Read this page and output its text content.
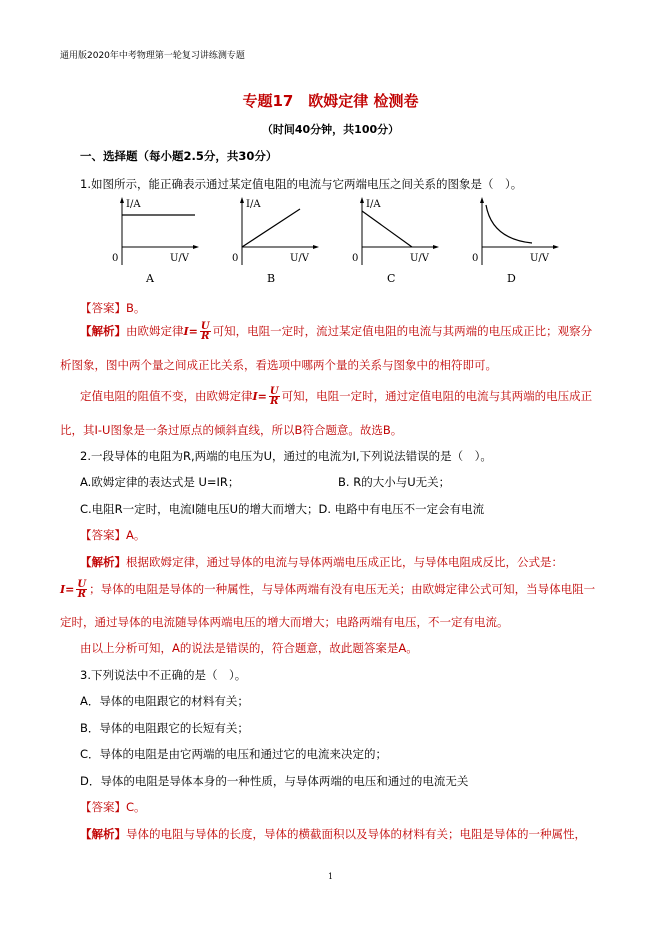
通用版2020年中考物理第一轮复习讲练测专题
专题17　欧姆定律 检测卷
（时间40分钟，共100分）
一、选择题（每小题2.5分，共30分）
1.如图所示，能正确表示通过某定值电阻的电流与它两端电压之间关系的图象是（　）。
I/A
0	U/V
I/A
0	U/V
I/A
0	U/V	0	U/V
A	B	C	D
【答案】B。
【解析】由欧姆定律$I= \frac{U}{R}$ 可知，电阻一定时，流过某定值电阻的电流与其两端的电压成正比；观察分
析图象，图中两个量之间成正比关系，看选项中哪两个量的关系与图象中的相符即可。
定值电阻的阻值不变，由欧姆定律$I= \frac{U}{R}$ 可知，电阻一定时，通过定值电阻的电流与其两端的电压成正
比，其I-U图象是一条过原点的倾斜直线，所以B符合题意。故选B。
2.一段导体的电阻为R,两端的电压为U，通过的电流为I,下列说法错误的是（　）。
A.欧姆定律的表达式是 U=IR；	B. R的大小与U无关；
C.电阻R一定时，电流I随电压U的增大而增大；D. 电路中有电压不一定会有电流
【答案】A。
【解析】根据欧姆定律，通过导体的电流与导体两端电压成正比，与导体电阻成反比，公式是：
$I= \frac{U}{R}$ ；导体的电阻是导体的一种属性，与导体两端有没有电压无关；由欧姆定律公式可知，当导体电阻一
定时，通过导体的电流随导体两端电压的增大而增大；电路两端有电压，不一定有电流。
由以上分析可知，A的说法是错误的，符合题意，故此题答案是A。
3.下列说法中不正确的是（　）。
A．导体的电阻跟它的材料有关；
B．导体的电阻跟它的长短有关；
C．导体的电阻是由它两端的电压和通过它的电流来决定的；
D．导体的电阻是导体本身的一种性质，与导体两端的电压和通过的电流无关
【答案】C。
【解析】导体的电阻与导体的长度，导体的横截面积以及导体的材料有关；电阻是导体的一种属性，
1
